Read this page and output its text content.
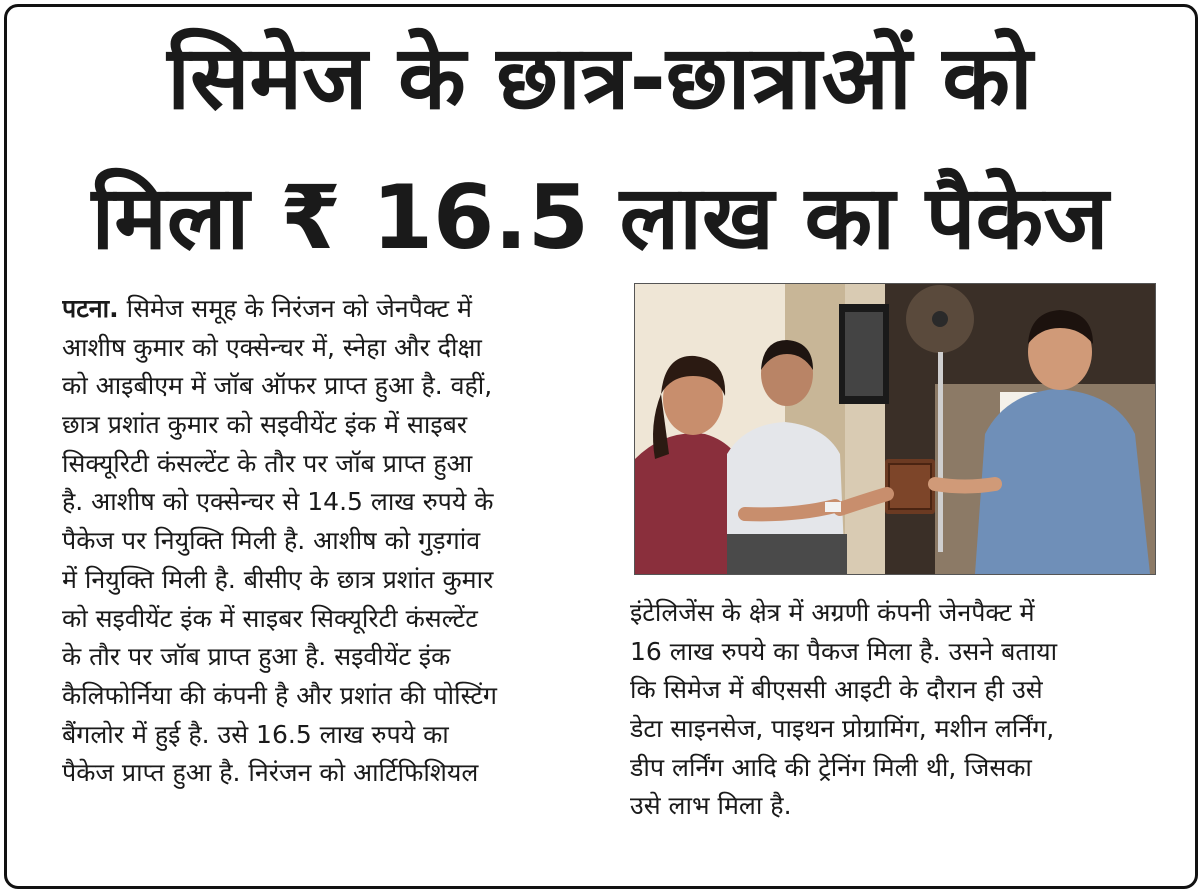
सिमेज के छात्र-छात्राओं को
मिला ₹ 16.5 लाख का पैकेज
पटना. सिमेज समूह के निरंजन को जेनपैक्ट में
आशीष कुमार को एक्सेन्चर में, स्नेहा और दीक्षा
को आइबीएम में जॉब ऑफर प्राप्त हुआ है. वहीं,
छात्र प्रशांत कुमार को सइवीयेंट इंक में साइबर
सिक्यूरिटी कंसल्टेंट के तौर पर जॉब प्राप्त हुआ
है. आशीष को एक्सेन्चर से 14.5 लाख रुपये के
पैकेज पर नियुक्ति मिली है. आशीष को गुड़गांव
में नियुक्ति मिली है. बीसीए के छात्र प्रशांत कुमार
को सइवीयेंट इंक में साइबर सिक्यूरिटी कंसल्टेंट
के तौर पर जॉब प्राप्त हुआ है. सइवीयेंट इंक
कैलिफोर्निया की कंपनी है और प्रशांत की पोस्टिंग
बैंगलोर में हुई है. उसे 16.5 लाख रुपये का
पैकेज प्राप्त हुआ है. निरंजन को आर्टिफिशियल
इंटेलिजेंस के क्षेत्र में अग्रणी कंपनी जेनपैक्ट में
16 लाख रुपये का पैकज मिला है. उसने बताया
कि सिमेज में बीएससी आइटी के दौरान ही उसे
डेटा साइनसेज, पाइथन प्रोग्रामिंग, मशीन लर्निंग,
डीप लर्निंग आदि की ट्रेनिंग मिली थी, जिसका
उसे लाभ मिला है.
